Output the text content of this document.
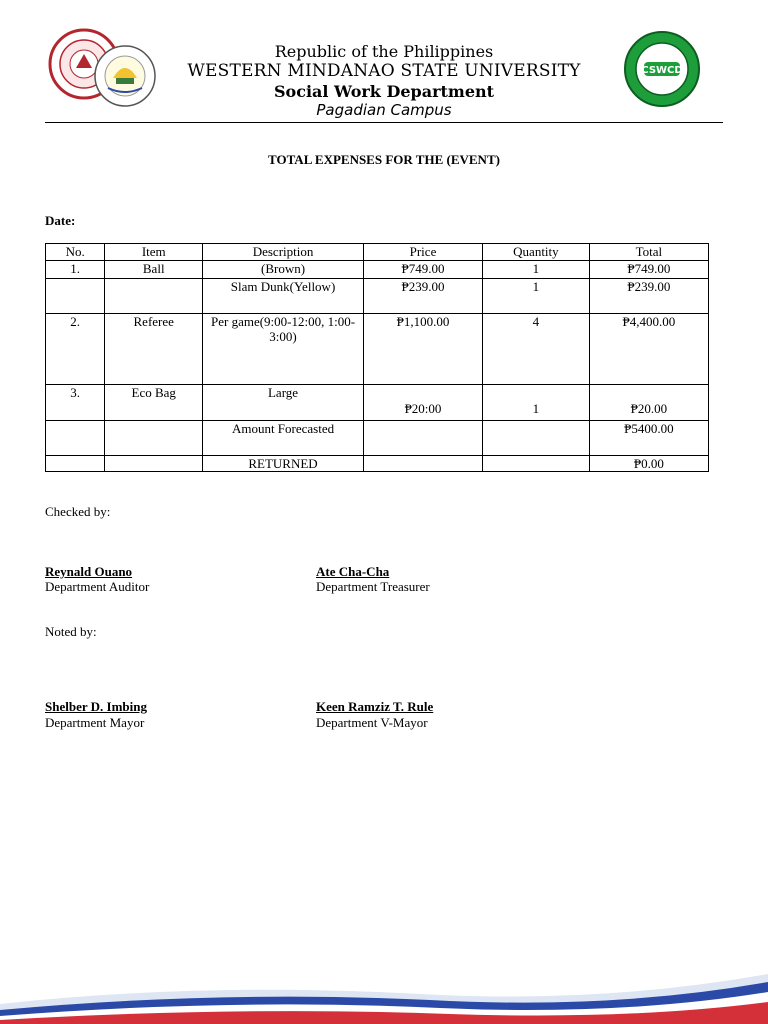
CSWCD
Republic of the Philippines
WESTERN MINDANAO STATE UNIVERSITY
Social Work Department
Pagadian Campus
TOTAL EXPENSES FOR THE (EVENT)
Date:
No.	Item	Description	Price	Quantity	Total
1.	Ball	(Brown)	₱749.00	1	₱749.00
		Slam Dunk(Yellow)	₱239.00	1	₱239.00
2.	Referee	Per game(9:00-12:00, 1:00-3:00)	₱1,100.00	4	₱4,400.00
3.	Eco Bag	Large	₱20:00	1	₱20.00
		Amount Forecasted			₱5400.00
		RETURNED			₱0.00
Checked by:
Reynald Ouano
Department Auditor
Ate Cha-Cha
Department Treasurer
Noted by:
Shelber D. Imbing
Department Mayor
Keen Ramziz T. Rule
Department V-Mayor
